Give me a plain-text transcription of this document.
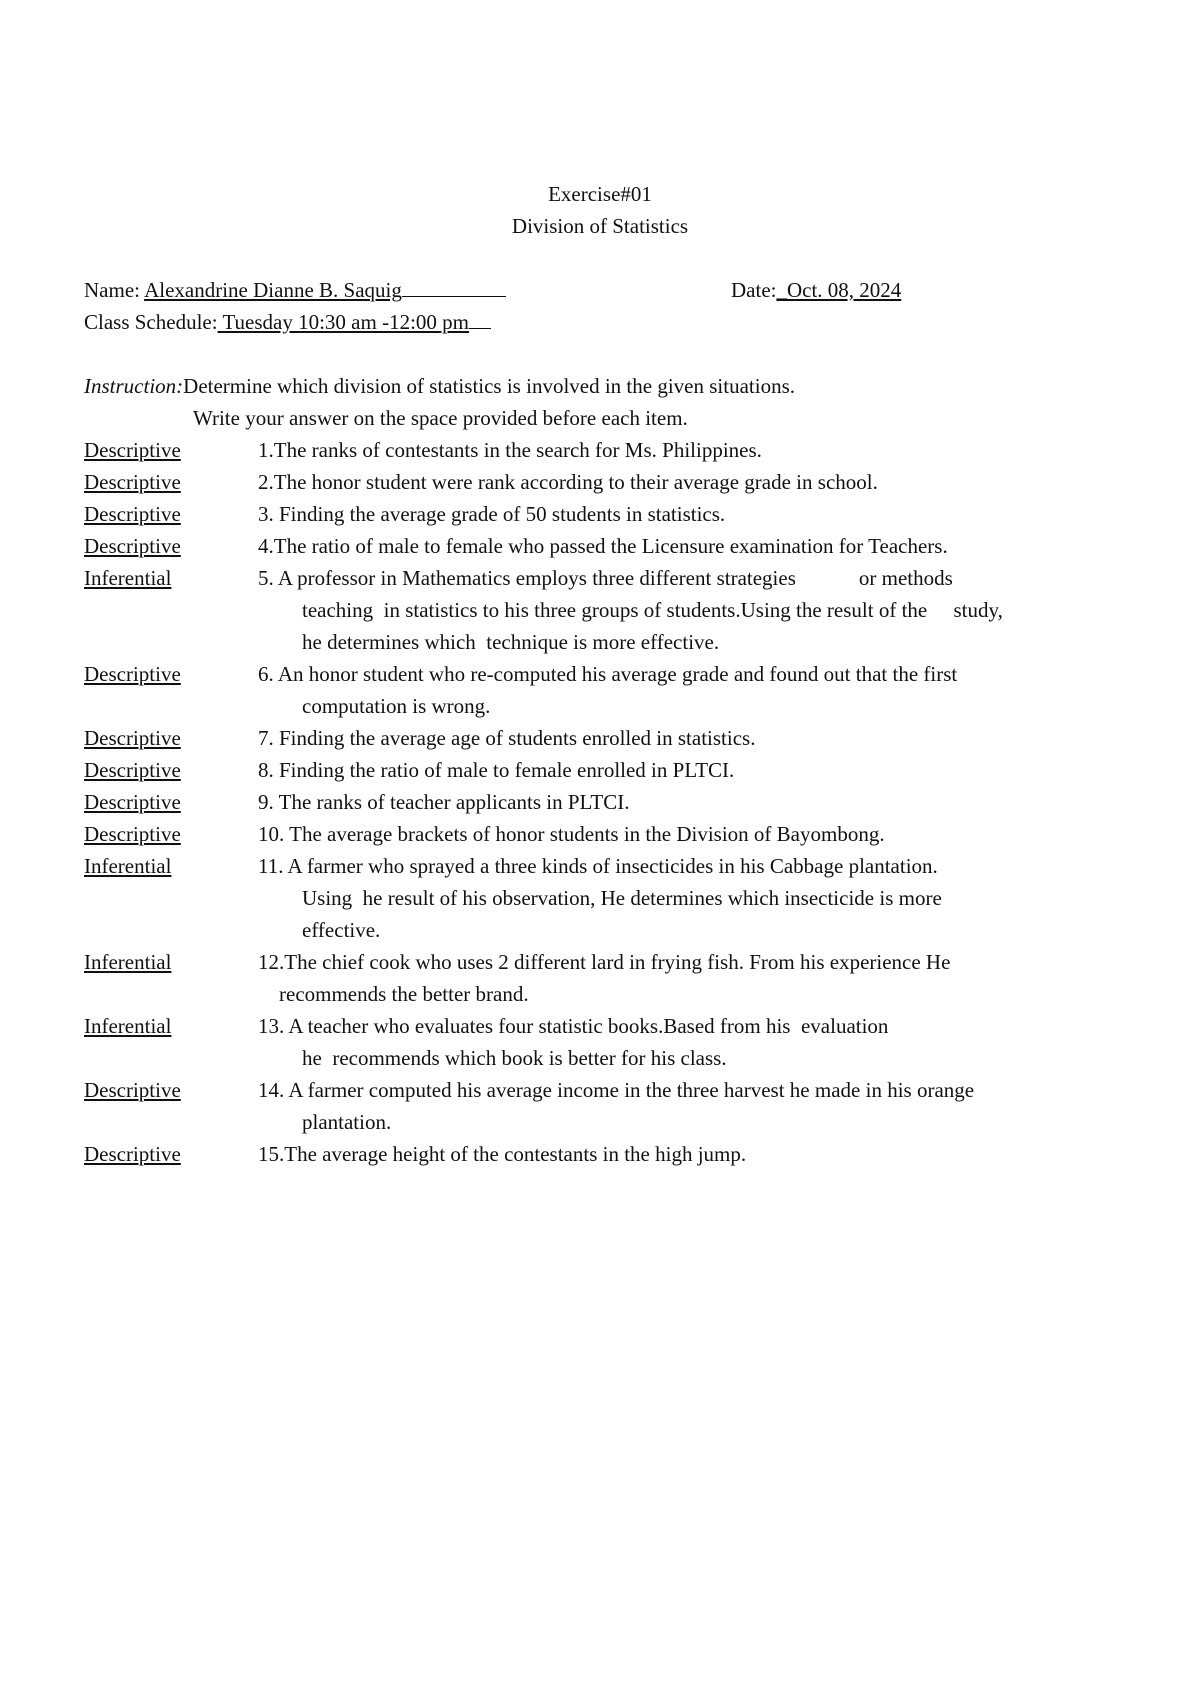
Exercise#01
Division of Statistics
Name: Alexandrine Dianne B. Saquig	Date:_Oct. 08, 2024
Class Schedule: Tuesday 10:30 am -12:00 pm
Instruction:Determine which division of statistics is involved in the given situations.
Write your answer on the space provided before each item.
Descriptive	1.The ranks of contestants in the search for Ms. Philippines.
Descriptive	2.The honor student were rank according to their average grade in school.
Descriptive	3. Finding the average grade of 50 students in statistics.
Descriptive	4.The ratio of male to female who passed the Licensure examination for Teachers.
Inferential	5. A professor in Mathematics employs three different strategies            or methods
teaching  in statistics to his three groups of students.Using the result of the     study,
he determines which  technique is more effective.
Descriptive	6. An honor student who re-computed his average grade and found out that the first
computation is wrong.
Descriptive	7. Finding the average age of students enrolled in statistics.
Descriptive	8. Finding the ratio of male to female enrolled in PLTCI.
Descriptive	9. The ranks of teacher applicants in PLTCI.
Descriptive	10. The average brackets of honor students in the Division of Bayombong.
Inferential	11. A farmer who sprayed a three kinds of insecticides in his Cabbage plantation.
Using  he result of his observation, He determines which insecticide is more
effective.
Inferential	12.The chief cook who uses 2 different lard in frying fish. From his experience He
recommends the better brand.
Inferential	13. A teacher who evaluates four statistic books.Based from his  evaluation
he  recommends which book is better for his class.
Descriptive	14. A farmer computed his average income in the three harvest he made in his orange
plantation.
Descriptive	15.The average height of the contestants in the high jump.
